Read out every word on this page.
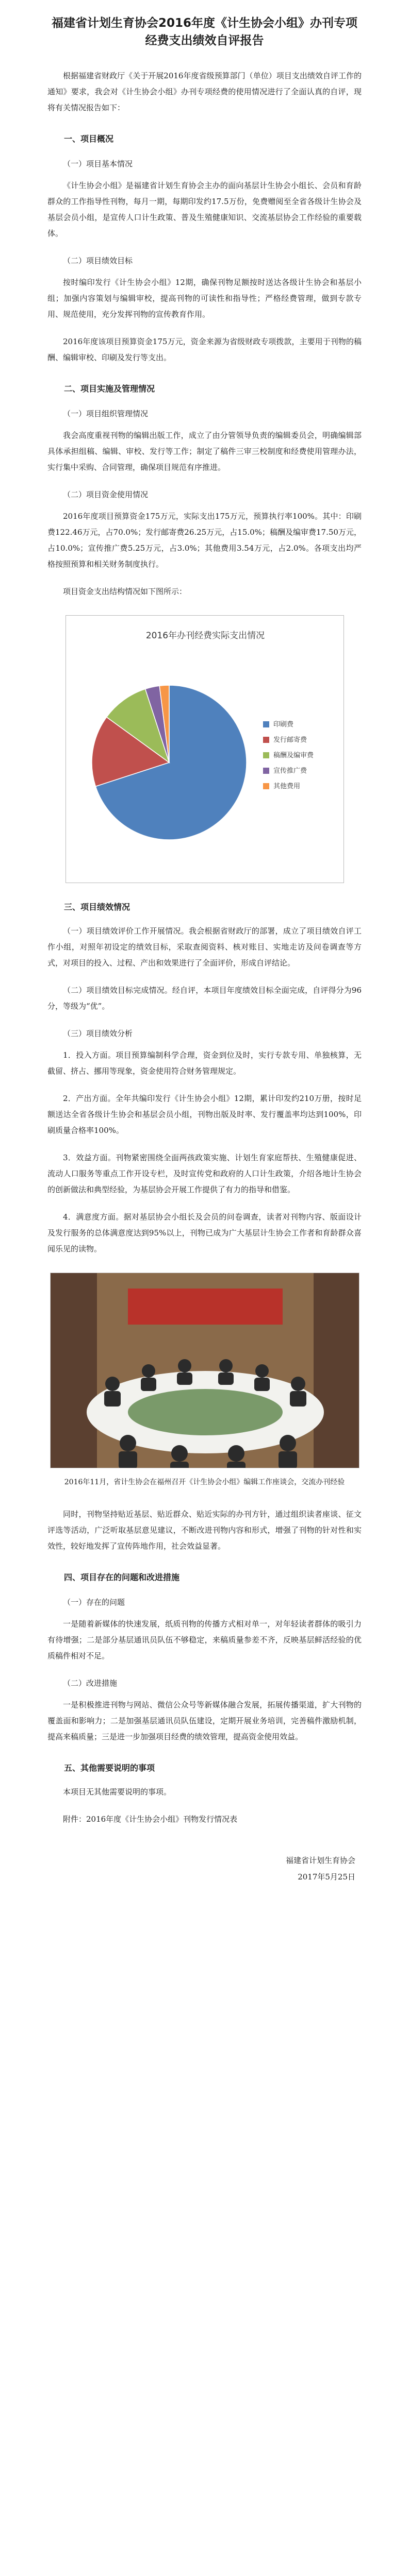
福建省计划生育协会2016年度《计生协会小组》办刊专项经费支出绩效自评报告
根据福建省财政厅《关于开展2016年度省级预算部门（单位）项目支出绩效自评工作的通知》要求，我会对《计生协会小组》办刊专项经费的使用情况进行了全面认真的自评，现将有关情况报告如下：
一、项目概况
（一）项目基本情况
《计生协会小组》是福建省计划生育协会主办的面向基层计生协会小组长、会员和育龄群众的工作指导性刊物，每月一期，每期印发约17.5万份，免费赠阅至全省各级计生协会及基层会员小组，是宣传人口计生政策、普及生殖健康知识、交流基层协会工作经验的重要载体。
（二）项目绩效目标
按时编印发行《计生协会小组》12期，确保刊物足额按时送达各级计生协会和基层小组；加强内容策划与编辑审校，提高刊物的可读性和指导性；严格经费管理，做到专款专用、规范使用，充分发挥刊物的宣传教育作用。
2016年度该项目预算资金175万元，资金来源为省级财政专项拨款，主要用于刊物的稿酬、编辑审校、印刷及发行等支出。
二、项目实施及管理情况
（一）项目组织管理情况
我会高度重视刊物的编辑出版工作，成立了由分管领导负责的编辑委员会，明确编辑部具体承担组稿、编辑、审校、发行等工作；制定了稿件三审三校制度和经费使用管理办法，实行集中采购、合同管理，确保项目规范有序推进。
（二）项目资金使用情况
2016年度项目预算资金175万元，实际支出175万元，预算执行率100%。其中：印刷费122.46万元，占70.0%；发行邮寄费26.25万元，占15.0%；稿酬及编审费17.50万元，占10.0%；宣传推广费5.25万元，占3.0%；其他费用3.54万元，占2.0%。各项支出均严格按照预算和相关财务制度执行。
项目资金支出结构情况如下图所示：
2016年办刊经费实际支出情况
印刷费
发行邮寄费
稿酬及编审费
宣传推广费
其他费用
三、项目绩效情况
（一）项目绩效评价工作开展情况。我会根据省财政厅的部署，成立了项目绩效自评工作小组，对照年初设定的绩效目标，采取查阅资料、核对账目、实地走访及问卷调查等方式，对项目的投入、过程、产出和效果进行了全面评价，形成自评结论。
（二）项目绩效目标完成情况。经自评，本项目年度绩效目标全面完成，自评得分为96分，等级为“优”。
（三）项目绩效分析
1．投入方面。项目预算编制科学合理，资金到位及时，实行专款专用、单独核算，无截留、挤占、挪用等现象，资金使用符合财务管理规定。
2．产出方面。全年共编印发行《计生协会小组》12期，累计印发约210万册，按时足额送达全省各级计生协会和基层会员小组，刊物出版及时率、发行覆盖率均达到100%，印刷质量合格率100%。
3．效益方面。刊物紧密围绕全面两孩政策实施、计划生育家庭帮扶、生殖健康促进、流动人口服务等重点工作开设专栏，及时宣传党和政府的人口计生政策，介绍各地计生协会的创新做法和典型经验，为基层协会开展工作提供了有力的指导和借鉴。
4．满意度方面。据对基层协会小组长及会员的问卷调查，读者对刊物内容、版面设计及发行服务的总体满意度达到95%以上，刊物已成为广大基层计生协会工作者和育龄群众喜闻乐见的读物。
2016年11月，省计生协会在福州召开《计生协会小组》编辑工作座谈会，交流办刊经验
同时，刊物坚持贴近基层、贴近群众、贴近实际的办刊方针，通过组织读者座谈、征文评选等活动，广泛听取基层意见建议，不断改进刊物内容和形式，增强了刊物的针对性和实效性，较好地发挥了宣传阵地作用，社会效益显著。
四、项目存在的问题和改进措施
（一）存在的问题
一是随着新媒体的快速发展，纸质刊物的传播方式相对单一，对年轻读者群体的吸引力有待增强；二是部分基层通讯员队伍不够稳定，来稿质量参差不齐，反映基层鲜活经验的优质稿件相对不足。
（二）改进措施
一是积极推进刊物与网站、微信公众号等新媒体融合发展，拓展传播渠道，扩大刊物的覆盖面和影响力；二是加强基层通讯员队伍建设，定期开展业务培训，完善稿件激励机制，提高来稿质量；三是进一步加强项目经费的绩效管理，提高资金使用效益。
五、其他需要说明的事项
本项目无其他需要说明的事项。
附件：2016年度《计生协会小组》刊物发行情况表
福建省计划生育协会
2017年5月25日
